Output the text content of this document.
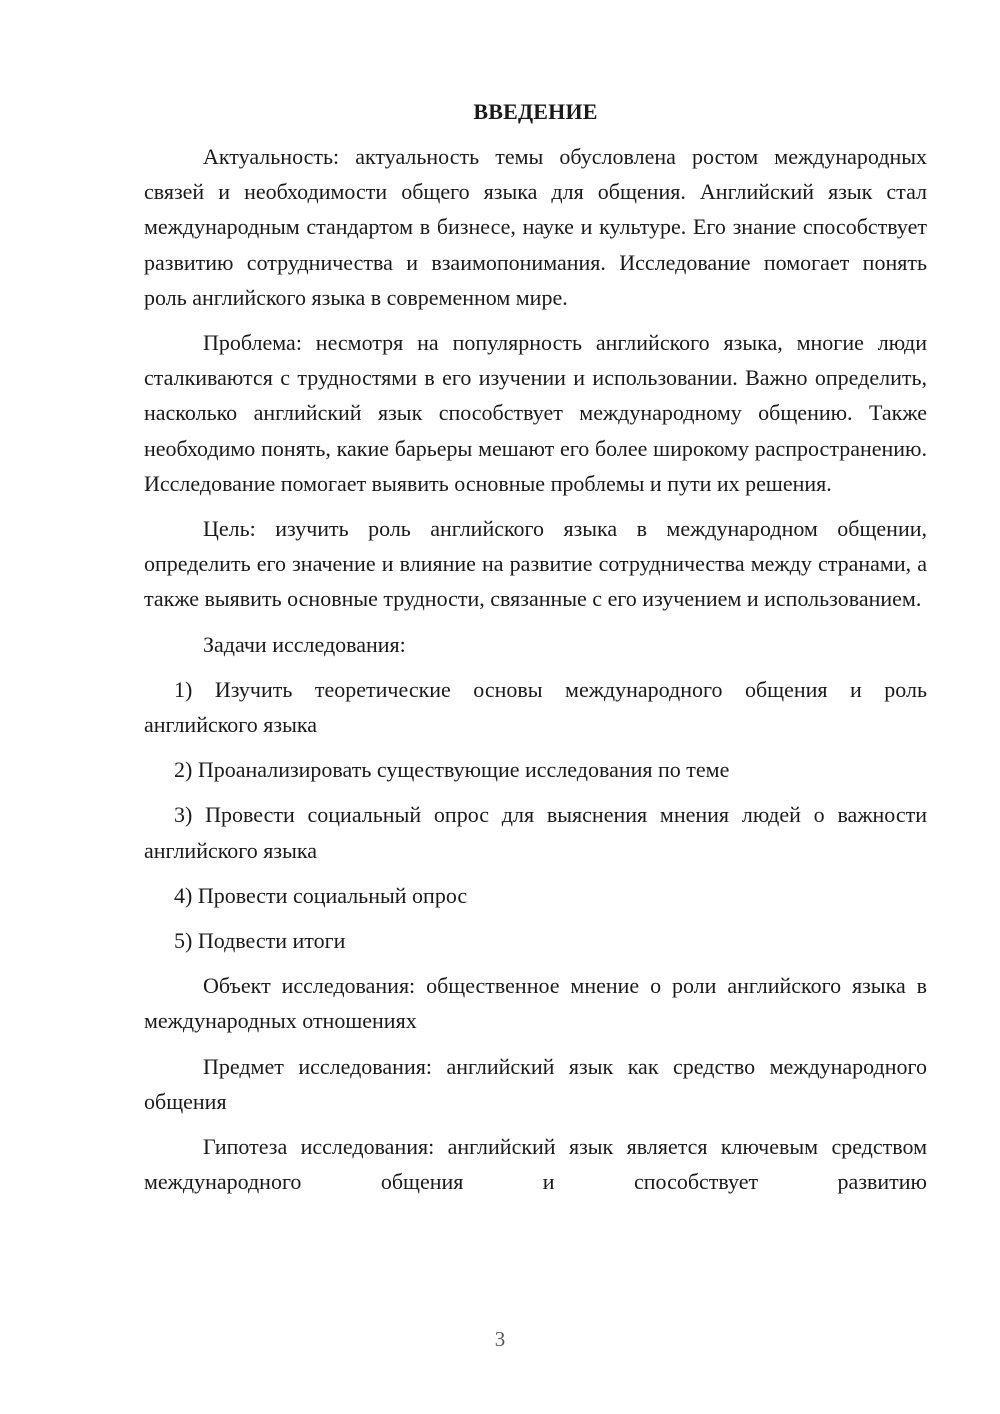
ВВЕДЕНИЕ

Актуальность: актуальность темы обусловлена ростом международных связей и необходимости общего языка для общения. Английский язык стал международным стандартом в бизнесе, науке и культуре. Его знание способствует развитию сотрудничества и взаимопонимания. Исследование помогает понять роль английского языка в современном мире.

Проблема: несмотря на популярность английского языка, многие люди сталкиваются с трудностями в его изучении и использовании. Важно определить, насколько английский язык способствует международному общению. Также необходимо понять, какие барьеры мешают его более широкому распространению. Исследование помогает выявить основные проблемы и пути их решения.

Цель: изучить роль английского языка в международном общении, определить его значение и влияние на развитие сотрудничества между странами, а также выявить основные трудности, связанные с его изучением и использованием.

Задачи исследования:

1) Изучить теоретические основы международного общения и роль английского языка

2) Проанализировать существующие исследования по теме

3) Провести социальный опрос для выяснения мнения людей о важности английского языка

4) Провести социальный опрос

5) Подвести итоги

Объект исследования: общественное мнение о роли английского языка в международных отношениях

Предмет исследования: английский язык как средство международного общения

Гипотеза исследования: английский язык является ключевым средством международного общения и способствует развитию

3
